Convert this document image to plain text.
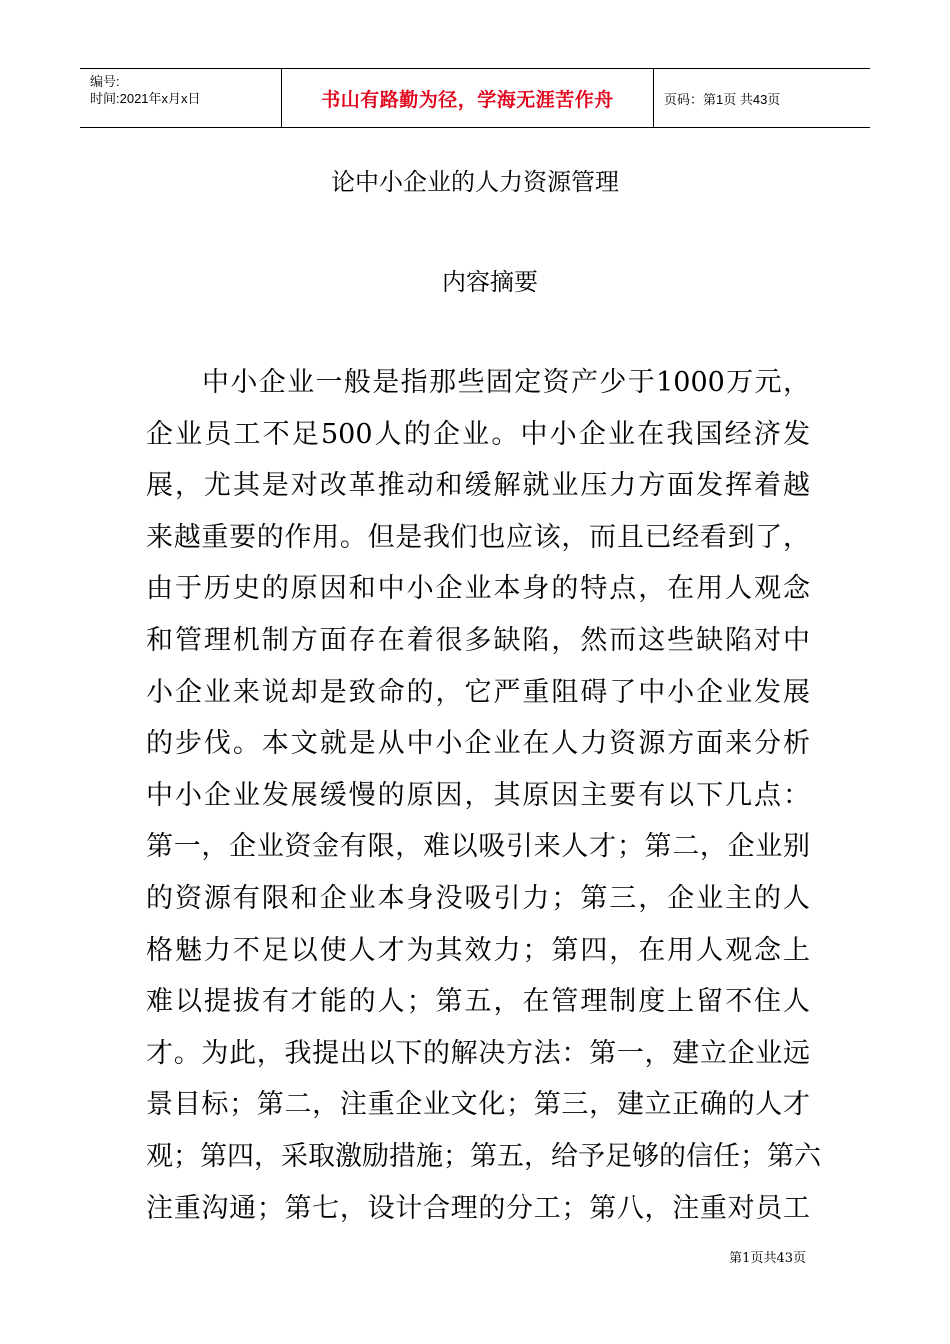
编号:
时间:2021年x月x日	书山有路勤为径，学海无涯苦作舟	页码：第1页 共43页
论中小企业的人力资源管理
内容摘要
中小企业一般是指那些固定资产少于1000万元，
企业员工不足500人的企业。中小企业在我国经济发
展，尤其是对改革推动和缓解就业压力方面发挥着越
来越重要的作用。但是我们也应该，而且已经看到了，
由于历史的原因和中小企业本身的特点，在用人观念
和管理机制方面存在着很多缺陷，然而这些缺陷对中
小企业来说却是致命的，它严重阻碍了中小企业发展
的步伐。本文就是从中小企业在人力资源方面来分析
中小企业发展缓慢的原因，其原因主要有以下几点：
第一，企业资金有限，难以吸引来人才；第二，企业别
的资源有限和企业本身没吸引力；第三，企业主的人
格魅力不足以使人才为其效力；第四，在用人观念上
难以提拔有才能的人；第五，在管理制度上留不住人
才。为此，我提出以下的解决方法：第一，建立企业远
景目标；第二，注重企业文化；第三，建立正确的人才
观；第四，采取激励措施；第五，给予足够的信任；第六
注重沟通；第七，设计合理的分工；第八，注重对员工
第1页共43页
